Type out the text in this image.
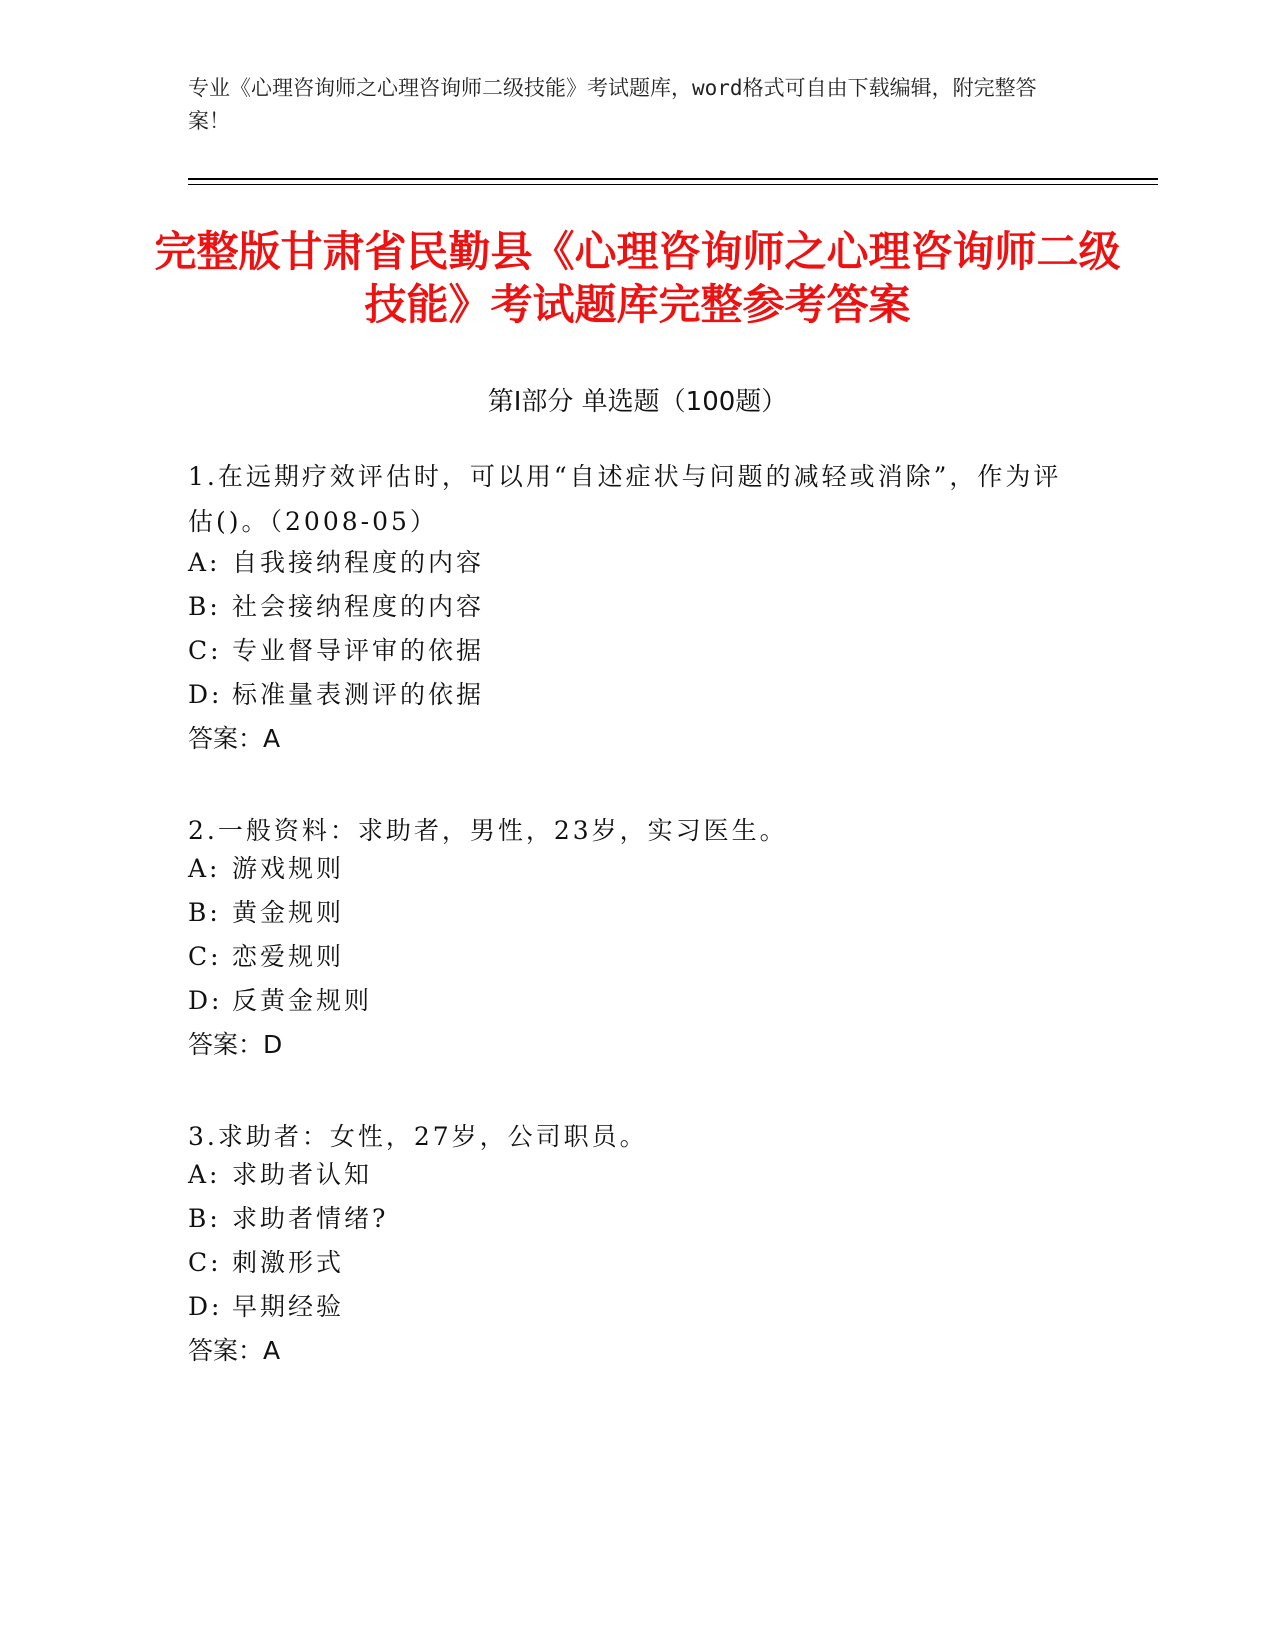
专业《心理咨询师之心理咨询师二级技能》考试题库，word格式可自由下载编辑，附完整答案！
完整版甘肃省民勤县《心理咨询师之心理咨询师二级技能》考试题库完整参考答案
第Ⅰ部分 单选题（100题）
1.在远期疗效评估时，可以用“自述症状与问题的减轻或消除”，作为评估()。（2008-05）
A: 自我接纳程度的内容
B: 社会接纳程度的内容
C: 专业督导评审的依据
D: 标准量表测评的依据
答案：A
2.一般资料：求助者，男性，23岁，实习医生。
A: 游戏规则
B: 黄金规则
C: 恋爱规则
D: 反黄金规则
答案：D
3.求助者：女性，27岁，公司职员。
A: 求助者认知
B: 求助者情绪?
C: 刺激形式
D: 早期经验
答案：A
